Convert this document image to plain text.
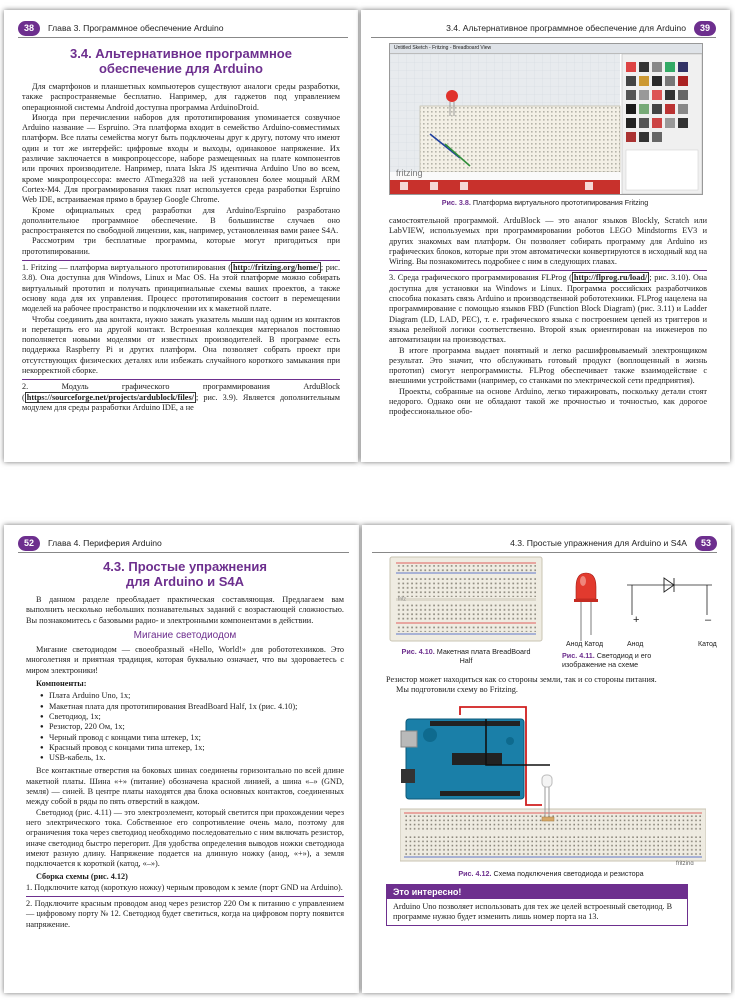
38 Глава 3. Программное обеспечение Arduino
3.4. Альтернативное программное
обеспечение для Arduino

Для смартфонов и планшетных компьютеров существуют аналоги среды разработки, также распространяемые бесплатно. Например, для гаджетов под управлением операционной системы Android доступна программа ArduinoDroid.

Иногда при перечислении наборов для прототипирования упоминается созвучное Arduino название — Espruino. Эта платформа входит в семейство Arduino-совместимых платформ. Все платы семейства могут быть подключены друг к другу, потому что имеют один и тот же интерфейс: цифровые входы и выходы, одинаковое напряжение. Их различие заключается в микропроцессоре, наборе размещенных на плате компонентов или прочих производителе. Например, плата Iskra JS идентична Arduino Uno во всем, кроме микропроцессора: вместо ATmega328 на ней установлен более мощный ARM Cortex-M4. Для программирования таких плат используется среда разработки Espruino Web IDE, встраиваемая прямо в браузер Google Chrome.

Кроме официальных сред разработки для Arduino/Espruino разработано дополнительное программное обеспечение. В большинстве случаев оно распространяется по свободной лицензии, как, например, установленная вами ранее S4A.

Рассмотрим три бесплатные программы, которые могут пригодиться при прототипировании.

1. Fritzing — платформа виртуального прототипирования ( http://fritzing.org/home/ ; рис. 3.8). Она доступна для Windows, Linux и Mac OS. На этой платформе можно собирать виртуальный прототип и получать принципиальные схемы ваших проектов, а также основу кода для их управления. Процесс прототипирования состоит в перемещении моделей на рабочее пространство и подключении их к макетной плате.

Чтобы соединить два контакта, нужно зажать указатель мыши над одним из контактов и перетащить его на другой контакт. Встроенная коллекция материалов постоянно пополняется новыми моделями от известных производителей. В программе есть поддержка Raspberry Pi и других платформ. Она позволяет собрать проект при отсутствующих физических деталях или избежать случайного короткого замыкания при некорректной сборке.

2. Модуль графического программирования ArduBlock ( https://sourceforge.net/projects/ardublock/files/ ; рис. 3.9). Является дополнительным модулем для среды разработки Arduino IDE, а не

3.4. Альтернативное программное обеспечение для Arduino 39
Untitled Sketch - Fritzing - Breadboard View
fritzing
Рис. 3.8. Платформа виртуального прототипирования Fritzing

самостоятельной программой. ArduBlock — это аналог языков Blockly, Scratch или LabVIEW, используемых при программировании роботов LEGO Mindstorms EV3 и других знакомых вам платформ. Он позволяет собирать программу для Arduino из графических блоков, которые при этом автоматически конвертируются в исходный код на Wiring. Вы познакомитесь подробнее с ним в следующих главах.

3. Среда графического программирования FLProg ( http://flprog.ru/load/ ; рис. 3.10). Она доступна для установки на Windows и Linux. Программа российских разработчиков способна показать связь Arduino и производственной робототехники. FLProg нацелена на программирование с помощью языков FBD (Function Block Diagram) (рис. 3.11) и Ladder Diagram (LD, LAD, PEC), т. е. графического языка с построением цепей из триггеров и языка релейной логики соответственно. Второй язык ориентирован на инженеров по автоматизации на производствах.

В итоге программа выдает понятный и легко расшифровываемый электронщиком результат. Это значит, что обслуживать готовый продукт (воплощенный в жизнь прототип) смогут непрограммисты. FLProg обеспечивает также взаимодействие с внешними устройствами (например, со станками по электрической сети предприятия).

Проекты, собранные на основе Arduino, легко тиражировать, поскольку детали стоят недорого. Однако они не обладают такой же прочностью и точностью, как дорогое профессиональное обо-

52 Глава 4. Периферия Arduino
4.3. Простые упражнения
для Arduino и S4A

В данном разделе преобладает практическая составляющая. Предлагаем вам выполнить несколько небольших познавательных заданий с возрастающей сложностью. Вы познакомитесь с базовыми радио- и электронными компонентами в действии.

Мигание светодиодом

Мигание светодиодом — своеобразный «Hello, World!» для робототехников. Это многолетняя и приятная традиция, которая буквально означает, что вы здороваетесь с миром электроники!

Компоненты:

● Плата Arduino Uno, 1x;
● Макетная плата для прототипирования BreadBoard Half, 1x (рис. 4.10);
● Светодиод, 1x;
● Резистор, 220 Ом, 1x;
● Черный провод с концами типа штекер, 1x;
● Красный провод с концами типа штекер, 1x;
● USB-кабель, 1x.

Все контактные отверстия на боковых шинах соединены горизонтально по всей длине макетной платы. Шина «+» (питание) обозначена красной линией, а шина «–» (GND, земля) — синей. В центре платы находятся два блока основных контактов, соединенных между собой в ряды по пять отверстий в каждом.

Светодиод (рис. 4.11) — это электроэлемент, который светится при прохождении через него электрического тока. Собственное его сопротивление очень мало, поэтому для ограничения тока через светодиод необходимо последовательно с ним включать резистор, иначе светодиод быстро перегорит. Для удобства определения выводов ножки светодиода имеют разную длину. Напряжение подается на длинную ножку (анод, «+»), а земля подключается к короткой (катод, «–»).

Сборка схемы (рис. 4.12)

1. Подключите катод (короткую ножку) черным проводом к земле (порт GND на Arduino).

2. Подключите красным проводом анод через резистор 220 Ом к питанию с управлением — цифровому порту № 12. Светодиод будет светиться, когда на цифровом порту появится напряжение.

4.3. Простые упражнения для Arduino и S4A 53
fritz
Рис. 4.10. Макетная плата BreadBoard Half
+	–
Анод Катод	Анод	Катод
Рис. 4.11. Светодиод и его изображение на схеме

Резистор может находиться как со стороны земли, так и со стороны питания.

Мы подготовили схему во Fritzing.

fritzing
Рис. 4.12. Схема подключения светодиода и резистора
Это интересно!
Arduino Uno позволяет использовать для тех же целей встроенный светодиод. В программе нужно будет изменить лишь номер порта на 13.
